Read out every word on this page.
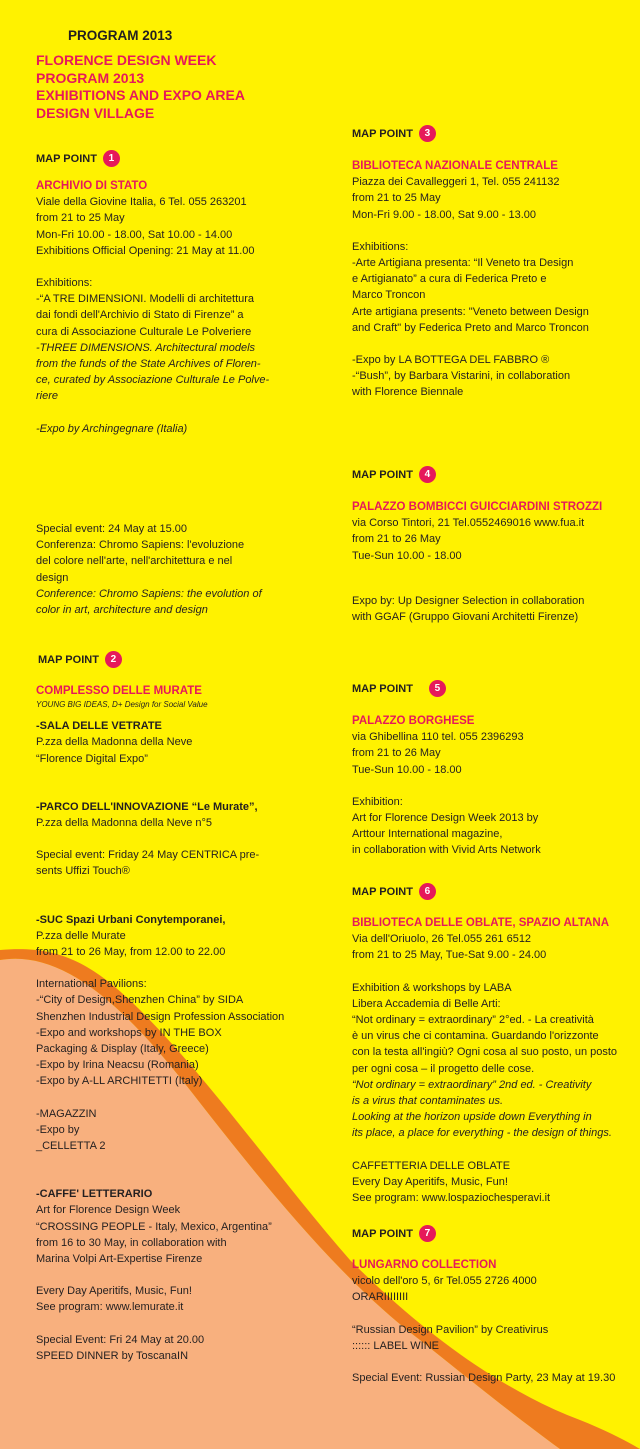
PROGRAM 2013
FLORENCE DESIGN WEEK
PROGRAM 2013
EXHIBITIONS AND EXPO AREA
DESIGN VILLAGE
MAP POINT	1
ARCHIVIO DI STATO
Viale della Giovine Italia, 6 Tel. 055 263201
from 21 to 25 May
Mon-Fri 10.00 - 18.00, Sat 10.00 - 14.00
Exhibitions Official Opening: 21 May at 11.00
Exhibitions:
-“A TRE DIMENSIONI. Modelli di architettura
dai fondi dell'Archivio di Stato di Firenze” a
cura di Associazione Culturale Le Polveriere
-THREE DIMENSIONS. Architectural models
from the funds of the State Archives of Floren-
ce, curated by Associazione Culturale Le Polve-
riere
-Expo by Archingegnare (Italia)
Special event: 24 May at 15.00
Conferenza: Chromo Sapiens: l'evoluzione
del colore nell'arte, nell'architettura e nel
design
Conference: Chromo Sapiens: the evolution of
color in art, architecture and design
MAP POINT	2
COMPLESSO DELLE MURATE
YOUNG BIG IDEAS, D+ Design for Social Value
-SALA DELLE VETRATE
P.zza della Madonna della Neve
“Florence Digital Expo”
-PARCO DELL'INNOVAZIONE “Le Murate”,
P.zza della Madonna della Neve n°5
Special event: Friday 24 May CENTRICA pre-
sents Uffizi Touch®
-SUC Spazi Urbani Conytemporanei,
P.zza delle Murate
from 21 to 26 May, from 12.00 to 22.00
International Pavilions:
-“City of Design,Shenzhen China” by SIDA
Shenzhen Industrial Design Profession Association
-Expo and workshops by IN THE BOX
Packaging & Display (Italy, Greece)
-Expo by Irina Neacsu (Romania)
-Expo by A-LL ARCHITETTI (Italy)
-MAGAZZIN
-Expo by
_CELLETTA 2
-CAFFE' LETTERARIO
Art for Florence Design Week
“CROSSING PEOPLE - Italy, Mexico, Argentina”
from 16 to 30 May, in collaboration with
Marina Volpi Art-Expertise Firenze
Every Day Aperitifs, Music, Fun!
See program: www.lemurate.it
Special Event: Fri 24 May at 20.00
SPEED DINNER by ToscanaIN
MAP POINT	3
BIBLIOTECA NAZIONALE CENTRALE
Piazza dei Cavalleggeri 1, Tel. 055 241132
from 21 to 25 May
Mon-Fri 9.00 - 18.00, Sat 9.00 - 13.00
Exhibitions:
-Arte Artigiana presenta: “Il Veneto tra Design
e Artigianato” a cura di Federica Preto e
Marco Troncon
Arte artigiana presents: "Veneto between Design
and Craft" by Federica Preto and Marco Troncon
-Expo by LA BOTTEGA DEL FABBRO ®
-“Bush”, by Barbara Vistarini, in collaboration
with Florence Biennale
MAP POINT	4
PALAZZO BOMBICCI GUICCIARDINI STROZZI
via Corso Tintori, 21 Tel.0552469016 www.fua.it
from 21 to 26 May
Tue-Sun 10.00 - 18.00
Expo by: Up Designer Selection in collaboration
with GGAF (Gruppo Giovani Architetti Firenze)
MAP POINT	5
PALAZZO BORGHESE
via Ghibellina 110 tel. 055 2396293
from 21 to 26 May
Tue-Sun 10.00 - 18.00
Exhibition:
Art for Florence Design Week 2013 by
Arttour International magazine,
in collaboration with Vivid Arts Network
MAP POINT	6
BIBLIOTECA DELLE OBLATE, SPAZIO ALTANA
Via dell'Oriuolo, 26 Tel.055 261 6512
from 21 to 25 May, Tue-Sat 9.00 - 24.00
Exhibition & workshops by LABA
Libera Accademia di Belle Arti:
“Not ordinary = extraordinary” 2°ed. - La creatività
è un virus che ci contamina. Guardando l'orizzonte
con la testa all'ingiù? Ogni cosa al suo posto, un posto
per ogni cosa – il progetto delle cose.
“Not ordinary = extraordinary” 2nd ed. - Creativity
is a virus that contaminates us.
Looking at the horizon upside down Everything in
its place, a place for everything - the design of things.
CAFFETTERIA DELLE OBLATE
Every Day Aperitifs, Music, Fun!
See program: www.lospaziochesperavi.it
MAP POINT	7
LUNGARNO COLLECTION
vicolo dell'oro 5, 6r Tel.055 2726 4000
ORARIIIIIIII
“Russian Design Pavilion” by Creativirus
:::::: LABEL WINE
Special Event: Russian Design Party, 23 May at 19.30
